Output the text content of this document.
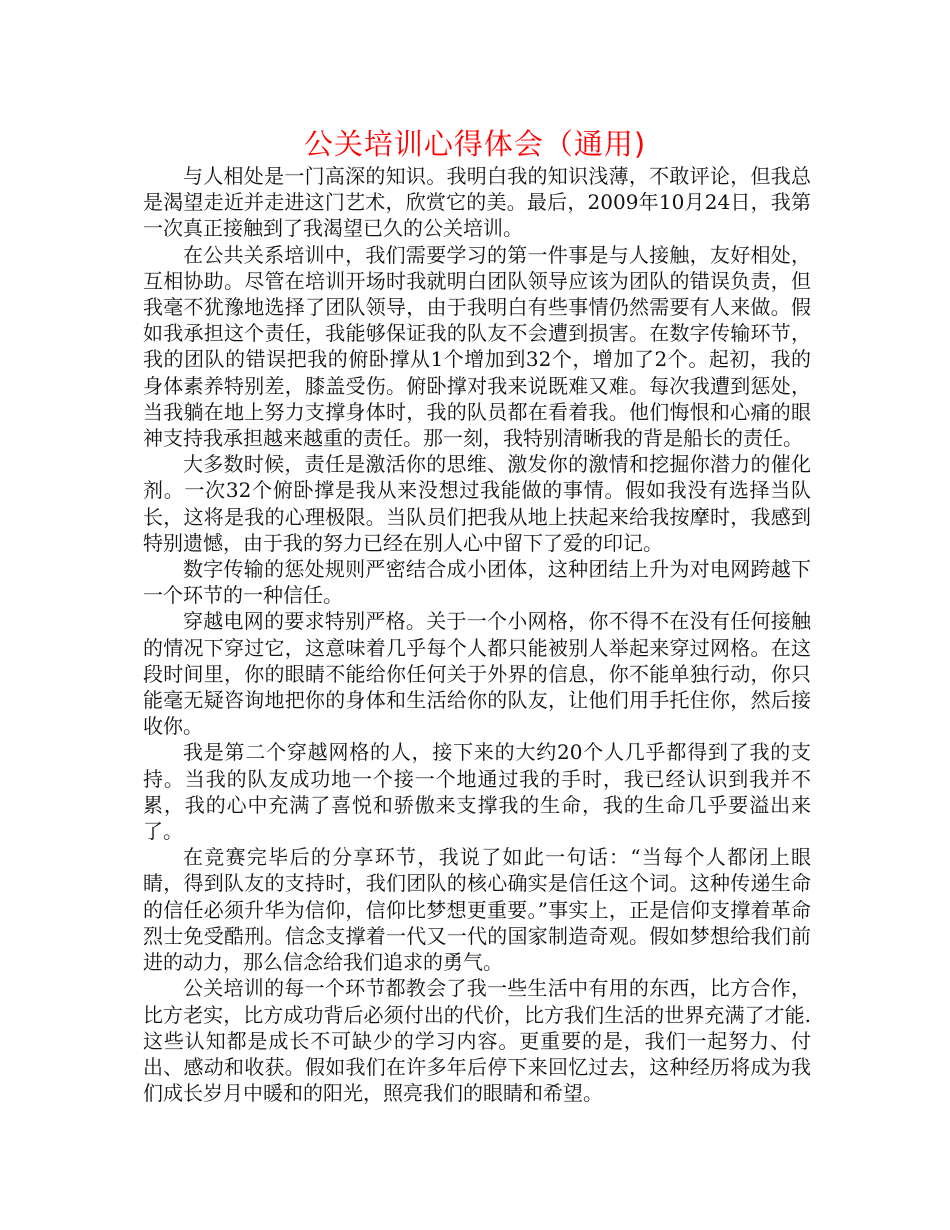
公关培训心得体会（通用)

与人相处是一门高深的知识。我明白我的知识浅薄，不敢评论，但我总是渴望走近并走进这门艺术，欣赏它的美。最后，2009年10月24日，我第一次真正接触到了我渴望已久的公关培训。

在公共关系培训中，我们需要学习的第一件事是与人接触，友好相处，互相协助。尽管在培训开场时我就明白团队领导应该为团队的错误负责，但我毫不犹豫地选择了团队领导，由于我明白有些事情仍然需要有人来做。假如我承担这个责任，我能够保证我的队友不会遭到损害。在数字传输环节，我的团队的错误把我的俯卧撑从1个增加到32个，增加了2个。起初，我的身体素养特别差，膝盖受伤。俯卧撑对我来说既难又难。每次我遭到惩处，当我躺在地上努力支撑身体时，我的队员都在看着我。他们悔恨和心痛的眼神支持我承担越来越重的责任。那一刻，我特别清晰我的背是船长的责任。

大多数时候，责任是激活你的思维、激发你的激情和挖掘你潜力的催化剂。一次32个俯卧撑是我从来没想过我能做的事情。假如我没有选择当队长，这将是我的心理极限。当队员们把我从地上扶起来给我按摩时，我感到特别遗憾，由于我的努力已经在别人心中留下了爱的印记。

数字传输的惩处规则严密结合成小团体，这种团结上升为对电网跨越下一个环节的一种信任。

穿越电网的要求特别严格。关于一个小网格，你不得不在没有任何接触的情况下穿过它，这意味着几乎每个人都只能被别人举起来穿过网格。在这段时间里，你的眼睛不能给你任何关于外界的信息，你不能单独行动，你只能毫无疑咨询地把你的身体和生活给你的队友，让他们用手托住你，然后接收你。

我是第二个穿越网格的人，接下来的大约20个人几乎都得到了我的支持。当我的队友成功地一个接一个地通过我的手时，我已经认识到我并不累，我的心中充满了喜悦和骄傲来支撑我的生命，我的生命几乎要溢出来了。

在竞赛完毕后的分享环节，我说了如此一句话：“当每个人都闭上眼睛，得到队友的支持时，我们团队的核心确实是信任这个词。这种传递生命的信任必须升华为信仰，信仰比梦想更重要。”事实上，正是信仰支撑着革命烈士免受酷刑。信念支撑着一代又一代的国家制造奇观。假如梦想给我们前进的动力，那么信念给我们追求的勇气。

公关培训的每一个环节都教会了我一些生活中有用的东西，比方合作，比方老实，比方成功背后必须付出的代价，比方我们生活的世界充满了才能.这些认知都是成长不可缺少的学习内容。更重要的是，我们一起努力、付出、感动和收获。假如我们在许多年后停下来回忆过去，这种经历将成为我们成长岁月中暖和的阳光，照亮我们的眼睛和希望。
